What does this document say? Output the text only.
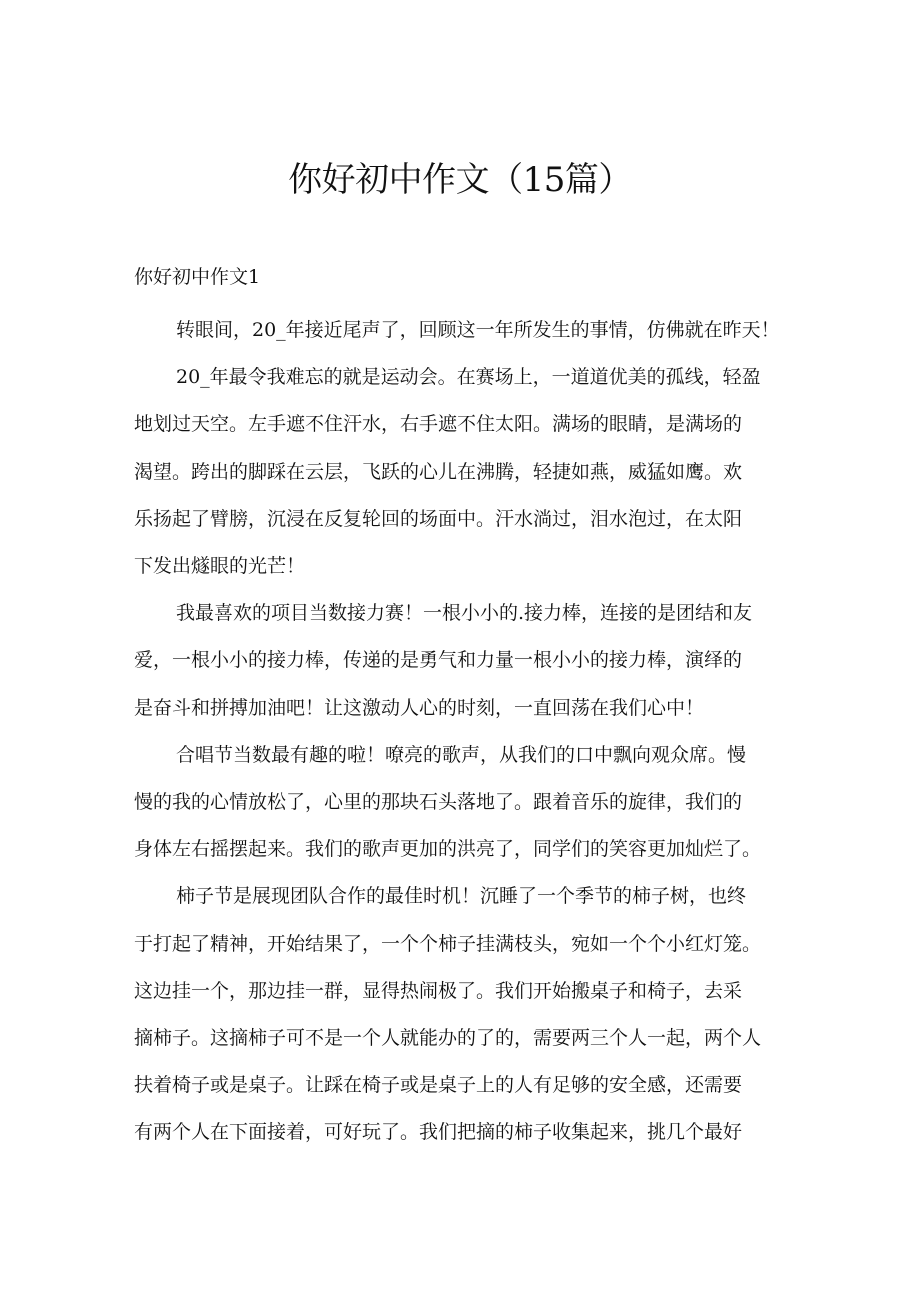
你好初中作文（15篇）

你好初中作文1

转眼间，20_年接近尾声了，回顾这一年所发生的事情，仿佛就在昨天！
20_年最令我难忘的就是运动会。在赛场上，一道道优美的孤线，轻盈
地划过天空。左手遮不住汗水，右手遮不住太阳。满场的眼睛，是满场的
渴望。跨出的脚踩在云层，飞跃的心儿在沸腾，轻捷如燕，威猛如鹰。欢
乐扬起了臂膀，沉浸在反复轮回的场面中。汗水淌过，泪水泡过，在太阳
下发出燧眼的光芒！
我最喜欢的项目当数接力赛！一根小小的.接力棒，连接的是团结和友
爱，一根小小的接力棒，传递的是勇气和力量一根小小的接力棒，演绎的
是奋斗和拼搏加油吧！让这激动人心的时刻，一直回荡在我们心中！
合唱节当数最有趣的啦！嘹亮的歌声，从我们的口中飘向观众席。慢
慢的我的心情放松了，心里的那块石头落地了。跟着音乐的旋律，我们的
身体左右摇摆起来。我们的歌声更加的洪亮了，同学们的笑容更加灿烂了。
柿子节是展现团队合作的最佳时机！沉睡了一个季节的柿子树，也终
于打起了精神，开始结果了，一个个柿子挂满枝头，宛如一个个小红灯笼。
这边挂一个，那边挂一群，显得热闹极了。我们开始搬桌子和椅子，去采
摘柿子。这摘柿子可不是一个人就能办的了的，需要两三个人一起，两个人
扶着椅子或是桌子。让踩在椅子或是桌子上的人有足够的安全感，还需要
有两个人在下面接着，可好玩了。我们把摘的柿子收集起来，挑几个最好
